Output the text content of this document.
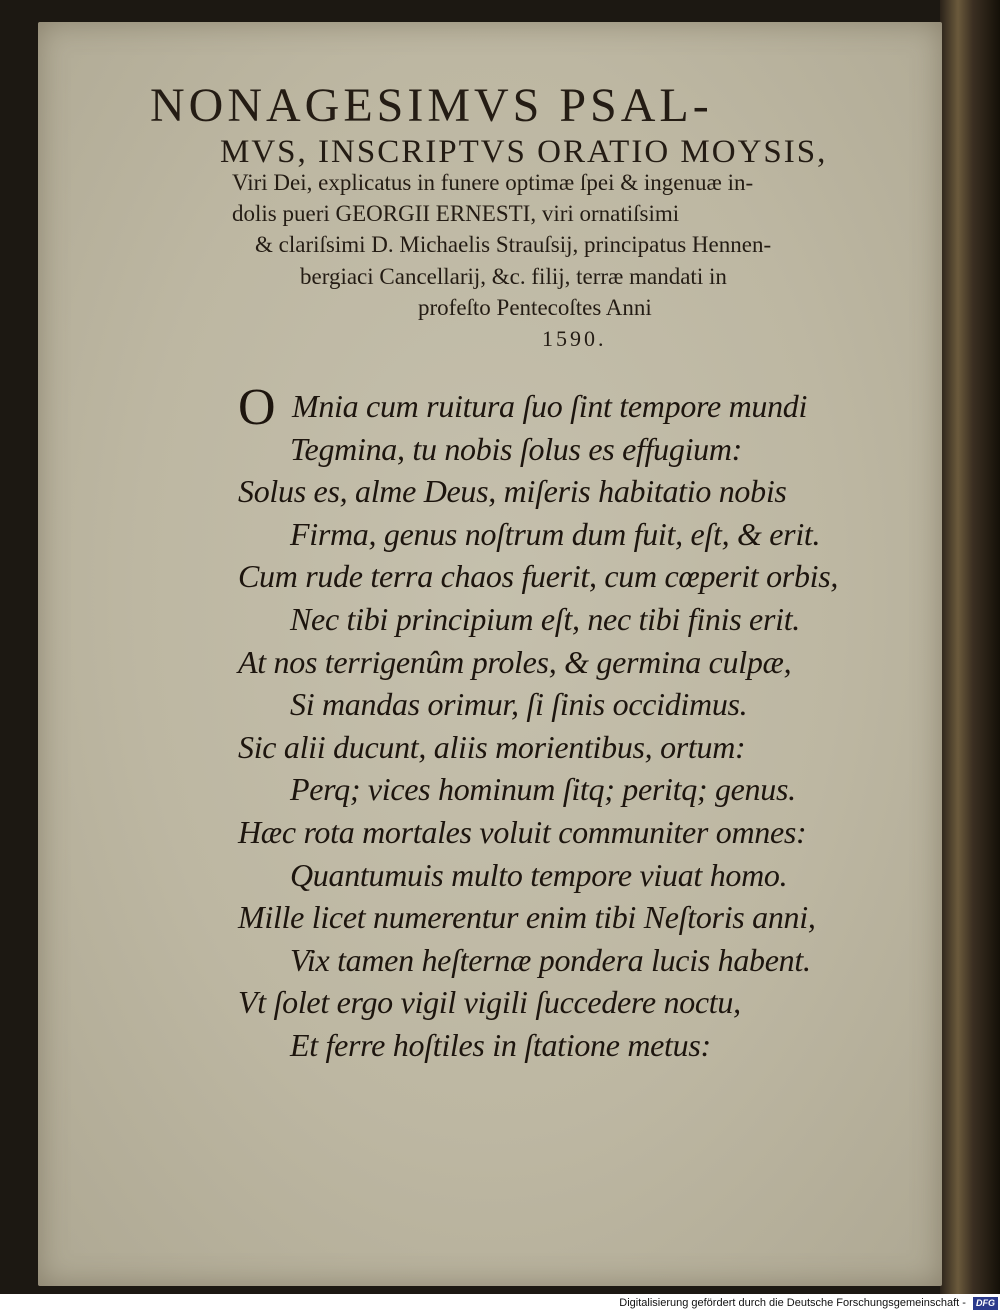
NONAGESIMVS PSAL-
MVS, INSCRIPTVS ORATIO MOYSIS,
Viri Dei, explicatus in funere optimæ ſpei & ingenuæ in-
dolis pueri GEORGII ERNESTI, viri ornatiſsimi
& clariſsimi D. Michaelis Strauſsij, principatus Hennen-
bergiaci Cancellarij, &c. filij, terræ mandati in
profeſto Pentecoſtes Anni
1590.
O Mnia cum ruitura ſuo ſint tempore mundi
Tegmina, tu nobis ſolus es effugium:
Solus es, alme Deus, miſeris habitatio nobis
Firma, genus noſtrum dum fuit, eſt, & erit.
Cum rude terra chaos fuerit, cum cœperit orbis,
Nec tibi principium eſt, nec tibi finis erit.
At nos terrigenûm proles, & germina culpæ,
Si mandas orimur, ſi ſinis occidimus.
Sic alii ducunt, aliis morientibus, ortum:
Perq; vices hominum ſitq; peritq; genus.
Hæc rota mortales voluit communiter omnes:
Quantumuis multo tempore viuat homo.
Mille licet numerentur enim tibi Neſtoris anni,
Vix tamen heſternæ pondera lucis habent.
Vt ſolet ergo vigil vigili ſuccedere noctu,
Et ferre hoſtiles in ſtatione metus:
Digitalisierung gefördert durch die Deutsche Forschungsgemeinschaft - DFG
